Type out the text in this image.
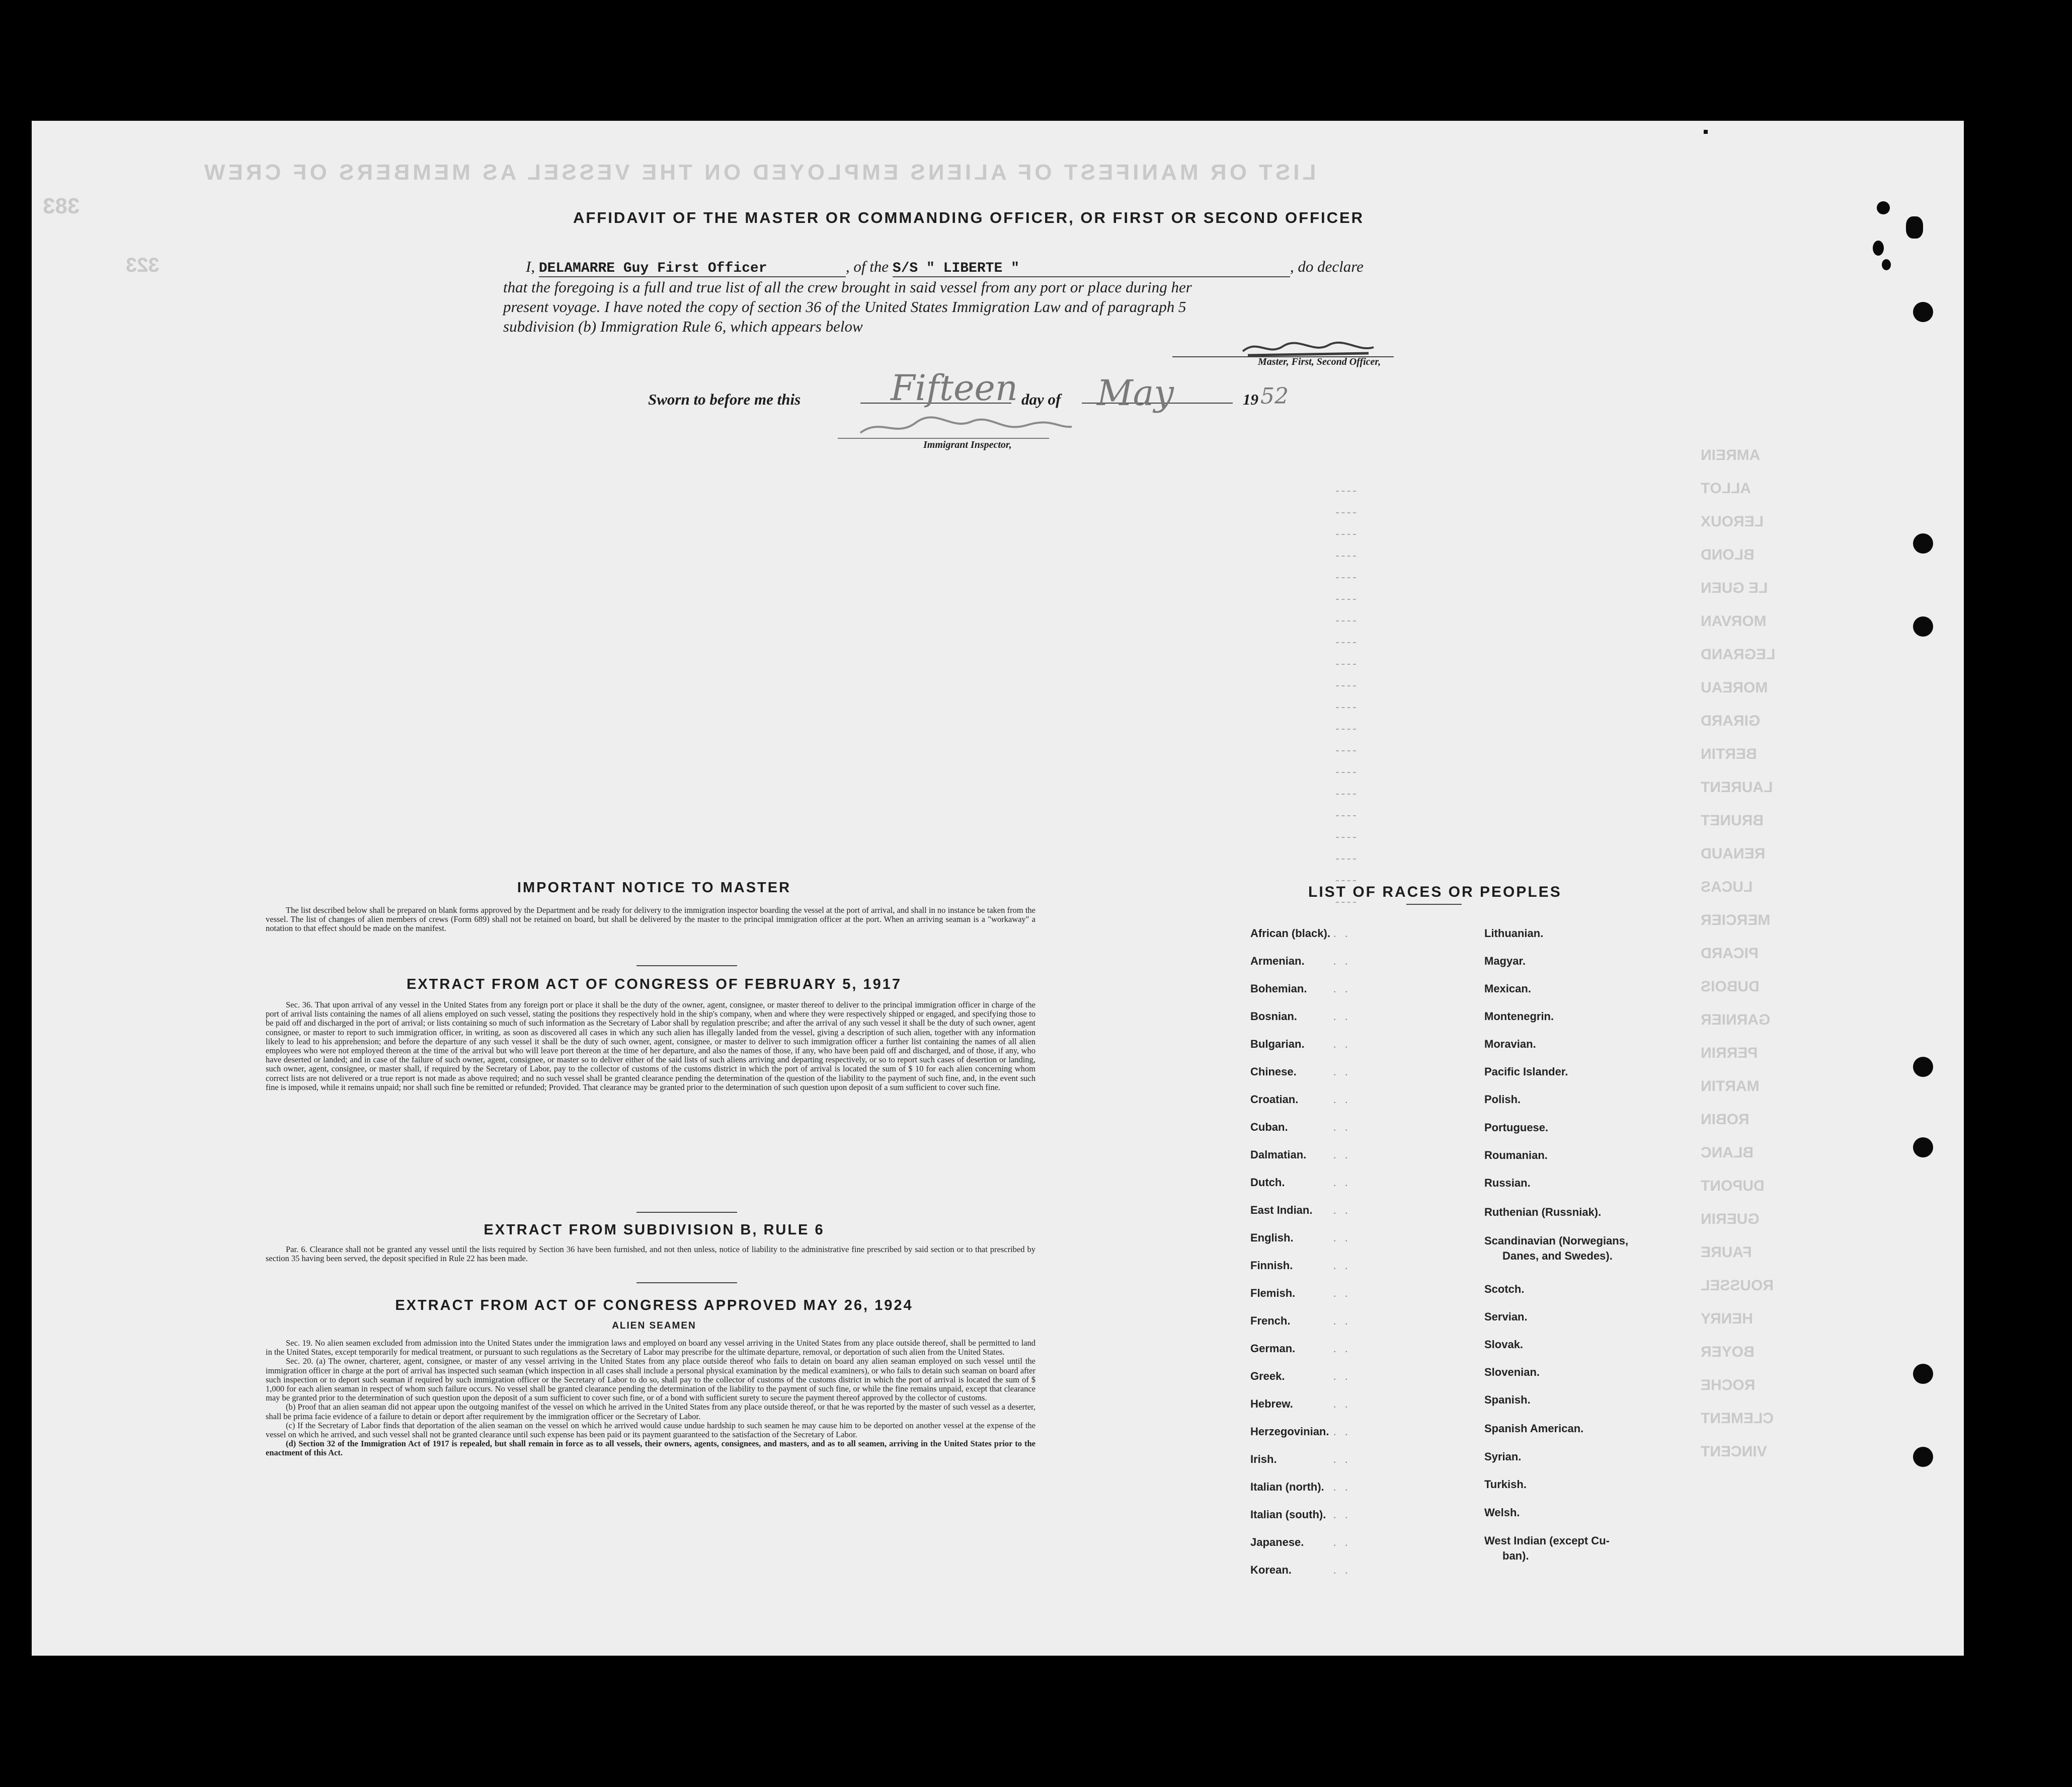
383
323
LIST OR MANIFEST OF ALIENS EMPLOYED ON THE VESSEL AS MEMBERS OF CREW
AMREIN
ALLOT
LEROUX
BLOND
LE GUEN
MORVAN
LEGRAND
MOREAU
GIRARD
BERTIN
LAURENT
BRUNET
RENAUD
LUCAS
MERCIER
PICARD
DUBOIS
GARNIER
PERRIN
MARTIN
ROBIN
BLANC
DUPONT
GUERIN
FAURE
ROUSSEL
HENRY
BOYER
ROCHE
CLEMENT
VINCENT
AFFIDAVIT OF THE MASTER OR COMMANDING OFFICER, OR FIRST OR SECOND OFFICER
I, DELAMARRE Guy First Officer	, of the S/S " LIBERTE "	, do declare
that the foregoing is a full and true list of all the crew brought in said vessel from any port or place during her
present voyage. I have noted the copy of section 36 of the United States Immigration Law and of paragraph 5
subdivision (b) Immigration Rule 6, which appears below
Master, First, Second Officer,
Sworn to before me this	Fifteen day of May	19 52
Immigrant Inspector,
IMPORTANT NOTICE TO MASTER

The list described below shall be prepared on blank forms approved by the Department and be ready for delivery to the immigration inspector boarding the vessel at the port of arrival, and shall in no instance be taken from the vessel. The list of changes of alien members of crews (Form 689) shall not be retained on board, but shall be delivered by the master to the principal immigration officer at the port. When an arriving seaman is a "workaway" a notation to that effect should be made on the manifest.

EXTRACT FROM ACT OF CONGRESS OF FEBRUARY 5, 1917

Sec. 36. That upon arrival of any vessel in the United States from any foreign port or place it shall be the duty of the owner, agent, consignee, or master thereof to deliver to the principal immigration officer in charge of the port of arrival lists containing the names of all aliens employed on such vessel, stating the positions they respectively hold in the ship's company, when and where they were respectively shipped or engaged, and specifying those to be paid off and discharged in the port of arrival; or lists containing so much of such information as the Secretary of Labor shall by regulation prescribe; and after the arrival of any such vessel it shall be the duty of such owner, agent consignee, or master to report to such immigration officer, in writing, as soon as discovered all cases in which any such alien has illegally landed from the vessel, giving a description of such alien, together with any information likely to lead to his apprehension; and before the departure of any such vessel it shall be the duty of such owner, agent, consignee, or master to deliver to such immigration officer a further list containing the names of all alien employees who were not employed thereon at the time of the arrival but who will leave port thereon at the time of her departure, and also the names of those, if any, who have been paid off and discharged, and of those, if any, who have deserted or landed; and in case of the failure of such owner, agent, consignee, or master so to deliver either of the said lists of such aliens arriving and departing respectively, or so to report such cases of desertion or landing, such owner, agent, consignee, or master shall, if required by the Secretary of Labor, pay to the collector of customs of the customs district in which the port of arrival is located the sum of $ 10 for each alien concerning whom correct lists are not delivered or a true report is not made as above required; and no such vessel shall be granted clearance pending the determination of the question of the liability to the payment of such fine, and, in the event such fine is imposed, while it remains unpaid; nor shall such fine be remitted or refunded; Provided. That clearance may be granted prior to the determination of such question upon deposit of a sum sufficient to cover such fine.

EXTRACT FROM SUBDIVISION B, RULE 6

Par. 6. Clearance shall not be granted any vessel until the lists required by Section 36 have been furnished, and not then unless, notice of liability to the administrative fine prescribed by said section or to that prescribed by section 35 having been served, the deposit specified in Rule 22 has been made.

EXTRACT FROM ACT OF CONGRESS APPROVED MAY 26, 1924
ALIEN SEAMEN

Sec. 19. No alien seamen excluded from admission into the United States under the immigration laws and employed on board any vessel arriving in the United States from any place outside thereof, shall be permitted to land in the United States, except temporarily for medical treatment, or pursuant to such regulations as the Secretary of Labor may prescribe for the ultimate departure, removal, or deportation of such alien from the United States.

Sec. 20. (a) The owner, charterer, agent, consignee, or master of any vessel arriving in the United States from any place outside thereof who fails to detain on board any alien seaman employed on such vessel until the immigration officer in charge at the port of arrival has inspected such seaman (which inspection in all cases shall include a personal physical examination by the medical examiners), or who fails to detain such seaman on board after such inspection or to deport such seaman if required by such immigration officer or the Secretary of Labor to do so, shall pay to the collector of customs of the customs district in which the port of arrival is located the sum of $ 1,000 for each alien seaman in respect of whom such failure occurs. No vessel shall be granted clearance pending the determination of the liability to the payment of such fine, or while the fine remains unpaid, except that clearance may be granted prior to the determination of such question upon the deposit of a sum sufficient to cover such fine, or of a bond with sufficient surety to secure the payment thereof approved by the collector of customs.

(b) Proof that an alien seaman did not appear upon the outgoing manifest of the vessel on which he arrived in the United States from any place outside thereof, or that he was reported by the master of such vessel as a deserter, shall be prima facie evidence of a failure to detain or deport after requirement by the immigration officer or the Secretary of Labor.

(c) If the Secretary of Labor finds that deportation of the alien seaman on the vessel on which he arrived would cause undue hardship to such seamen he may cause him to be deported on another vessel at the expense of the vessel on which he arrived, and such vessel shall not be granted clearance until such expense has been paid or its payment guaranteed to the satisfaction of the Secretary of Labor.

(d) Section 32 of the Immigration Act of 1917 is repealed, but shall remain in force as to all vessels, their owners, agents, consignees, and masters, and as to all seamen, arriving in the United States prior to the enactment of this Act.

LIST OF RACES OR PEOPLES
African (black). . .
Armenian.	. .
Bohemian. . .
Bosnian.	. .
Bulgarian.	. .
Chinese.	. .
Croatian.	. .
Cuban.	. .
Dalmatian. . .
Dutch.	. .
East Indian. . .
English.	. .
Finnish.	. .
Flemish.	. .
French.	. .
German.	. .
Greek.	. .
Hebrew.	. .
Herzegovinian. . .
Irish.	. .
Italian (north). . .
Italian (south). . .
Japanese.	. .
Korean.	. .
Lithuanian.
Magyar.
Mexican.
Montenegrin.
Moravian.
Pacific Islander.
Polish.
Portuguese.
Roumanian.
Russian.
Ruthenian (Russniak).
Scandinavian (Norwegians,
Danes, and Swedes).
Scotch.
Servian.
Slovak.
Slovenian.
Spanish.
Spanish American.
Syrian.
Turkish.
Welsh.
West Indian (except Cu-
ban).
